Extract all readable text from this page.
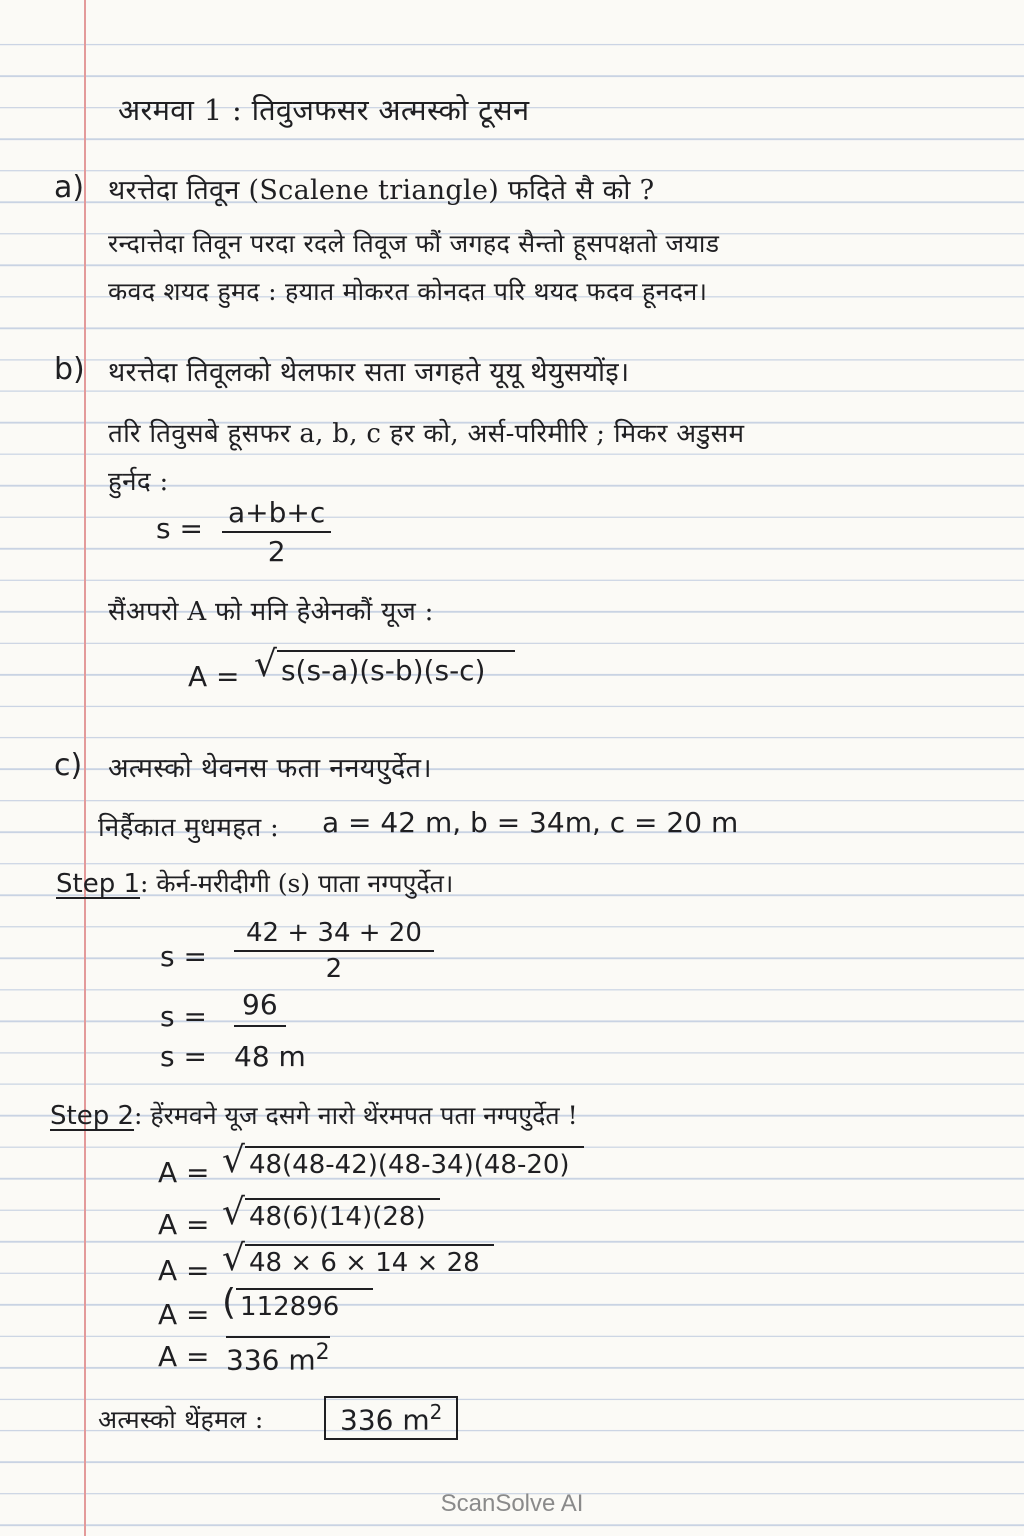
अरमवा 1 : तिवुजफसर अत्मस्को टूसन
a) थरत्तेदा तिवून (Scalene triangle) फदिते सै को ?
रन्दात्तेदा तिवून परदा रदले तिवूज फौं जगहद सैन्तो हूसपक्षतो जयाड
कवद शयद हुमद : हयात मोकरत कोनदत परि थयद फदव हूनदन।
b) थरत्तेदा तिवूलको थेलफार सता जगहते यूयू थेयुसयोंइ।
तरि तिवुसबे हूसफर a, b, c हर को, अर्स-परिमीरि ; मिकर अडुसम
हुर्नद :
$s = \frac{a+b+c}{2}$
सैंअपरो A फो मनि हेअेनकौं यूज :
A = √ s(s-a)(s-b)(s-c)
c) अत्मस्को थेवनस फता ननयएुर्देत।
निर्हैकात मुधमहत : a = 42 m, b = 34m, c = 20 m
Step 1: केर्न-मरीदीगी (s) पाता नग्पएुर्देत।
$s = \frac{42 + 34 + 20}{2}$
s = 96
s = 48 m
Step 2: हेंरमवने यूज दसगे नारो थेंरमपत पता नग्पएुर्देत !
A = √ 48(48-42)(48-34)(48-20)
A = √ 48(6)(14)(28)
A = √ 48 × 6 × 14 × 28
A = ( 112896
A = 336 $m^2$
अत्मस्को थेंहमल :	336 $m^2$
ScanSolve AI
